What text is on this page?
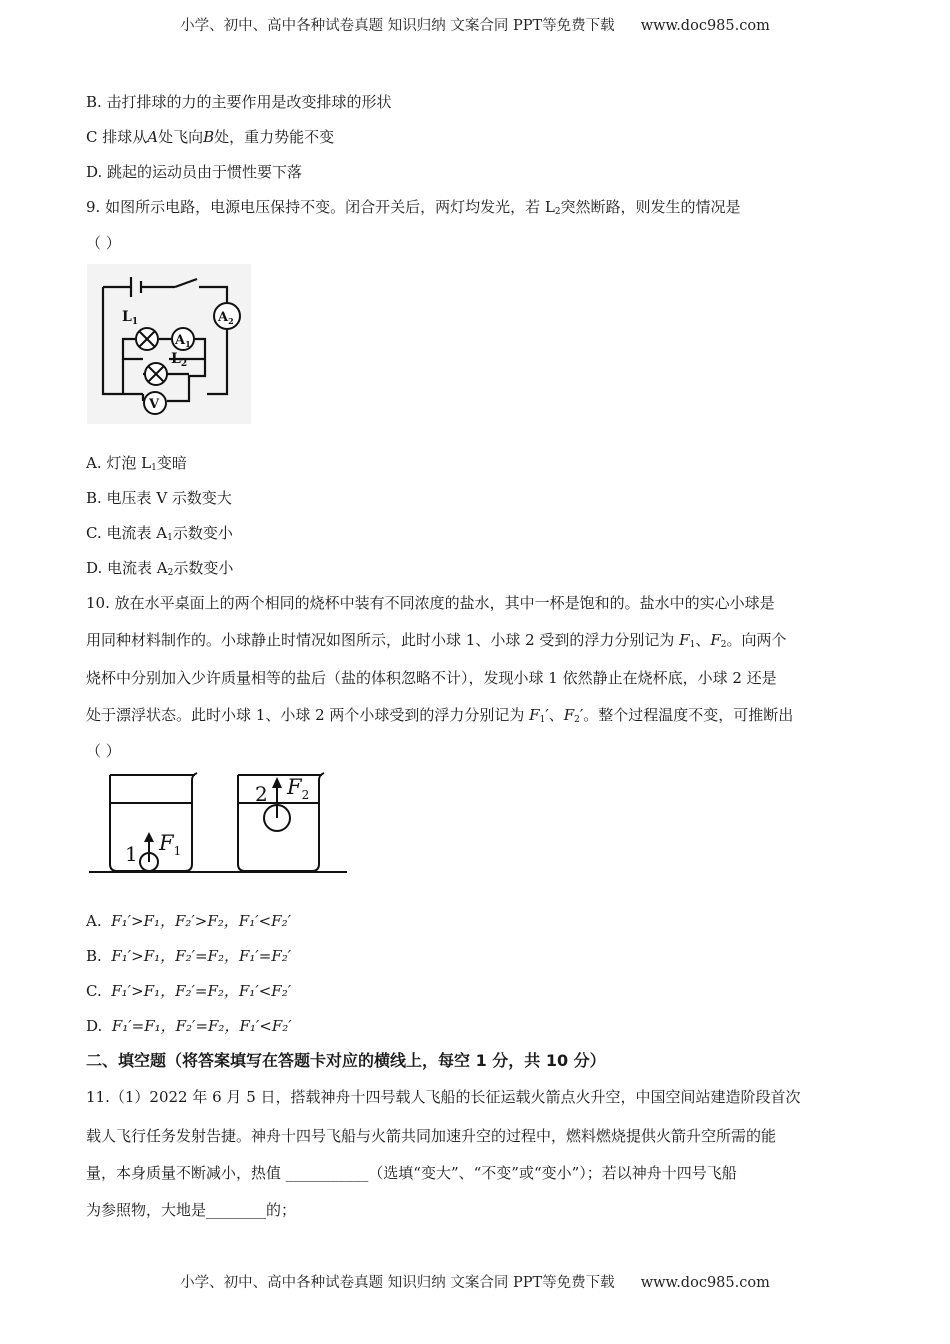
小学、初中、高中各种试卷真题 知识归纳 文案合同 PPT等免费下载 www.doc985.com
B. 击打排球的力的主要作用是改变排球的形状
C 排球从A处飞向B处，重力势能不变
D. 跳起的运动员由于惯性要下落
9. 如图所示电路，电源电压保持不变。闭合开关后，两灯均发光，若 $L_2$突然断路，则发生的情况是
（ ）
$L_1$
$A_1$
$A_2$
$L_2$
V
A. 灯泡 $L_1$变暗
B. 电压表 V 示数变大
C. 电流表 $A_1$示数变小
D. 电流表 $A_2$示数变小
10. 放在水平桌面上的两个相同的烧杯中装有不同浓度的盐水，其中一杯是饱和的。盐水中的实心小球是
用同种材料制作的。小球静止时情况如图所示，此时小球 1、小球 2 受到的浮力分别记为 $F_1$、$F_2$。向两个
烧杯中分别加入少许质量相等的盐后（盐的体积忽略不计），发现小球 1 依然静止在烧杯底，小球 2 还是
处于漂浮状态。此时小球 1、小球 2 两个小球受到的浮力分别记为 $F_1'$、$F_2'$。整个过程温度不变，可推断出
（ ）
1 $F_1$
2 $F_2$
A. F₁′>F₁，F₂′>F₂，F₁′<F₂′
B. F₁′>F₁，F₂′=F₂，F₁′=F₂′
C. F₁′>F₁，F₂′=F₂，F₁′<F₂′
D. F₁′=F₁，F₂′=F₂，F₁′<F₂′
二、填空题（将答案填写在答题卡对应的横线上，每空 1 分，共 10 分）
11.（1）2022 年 6 月 5 日，搭载神舟十四号载人飞船的长征运载火箭点火升空，中国空间站建造阶段首次
载人飞行任务发射告捷。神舟十四号飞船与火箭共同加速升空的过程中，燃料燃烧提供火箭升空所需的能
量，本身质量不断减小，热值 ___________（选填“变大”、“不变”或“变小”）；若以神舟十四号飞船
为参照物，大地是________的；
小学、初中、高中各种试卷真题 知识归纳 文案合同 PPT等免费下载 www.doc985.com
